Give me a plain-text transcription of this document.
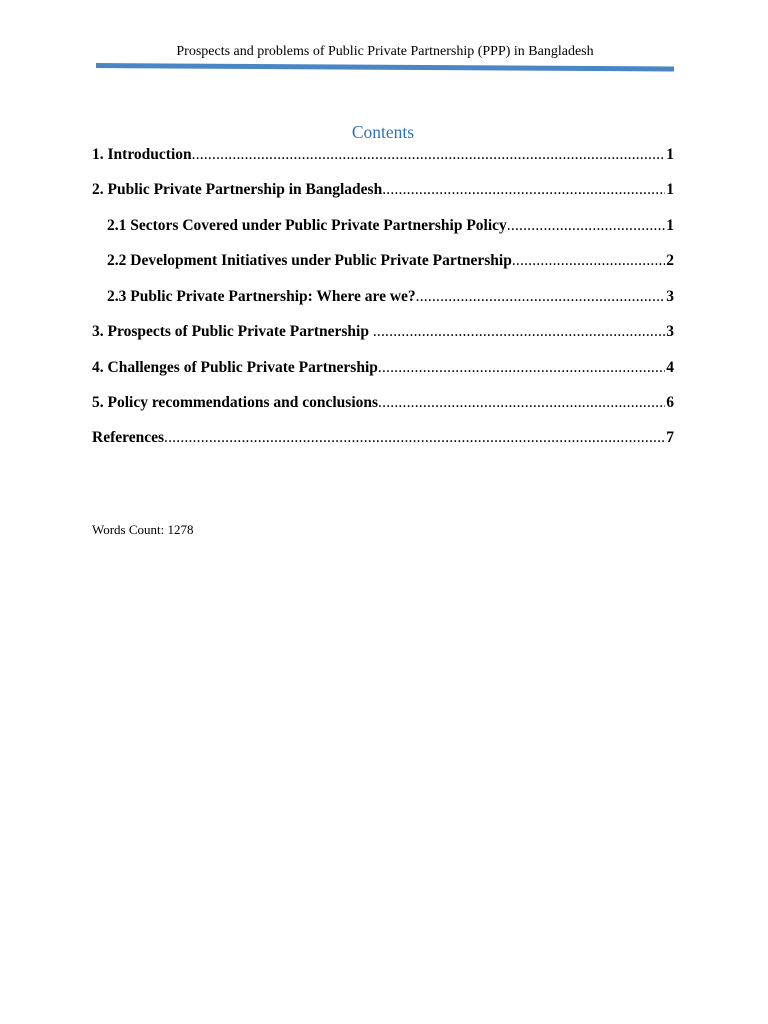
Prospects and problems of Public Private Partnership (PPP) in Bangladesh
Contents
1. Introduction .....	1
2. Public Private Partnership in Bangladesh .....	1
2.1 Sectors Covered under Public Private Partnership Policy .....	1
2.2 Development Initiatives under Public Private Partnership .....	2
2.3 Public Private Partnership: Where are we? .....	3
3. Prospects of Public Private Partnership .....	3
4. Challenges of Public Private Partnership .....	4
5. Policy recommendations and conclusions .....	6
References .....	7
Words Count: 1278
